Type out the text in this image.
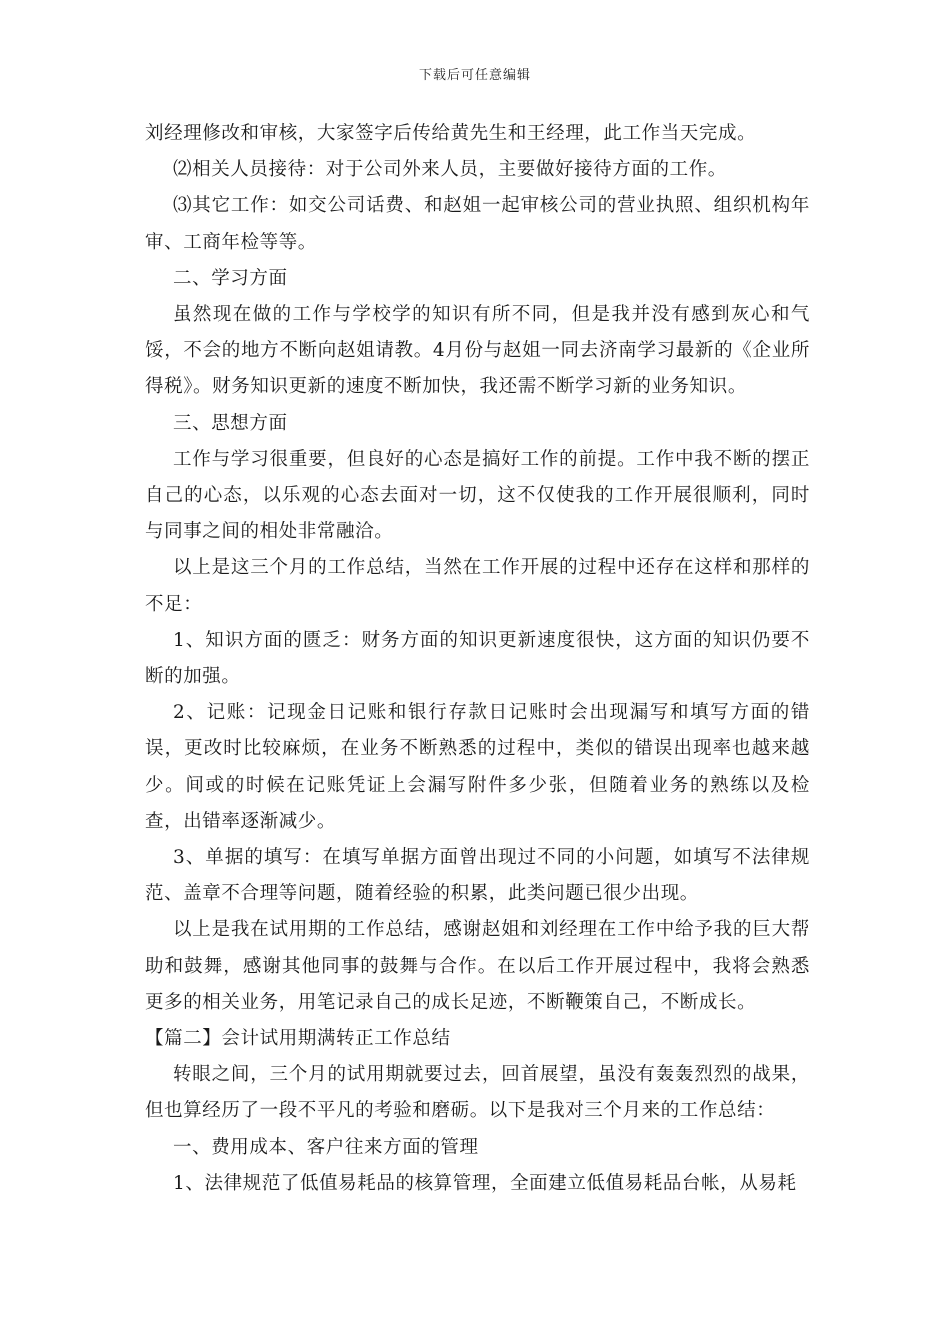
下载后可任意编辑

刘经理修改和审核，大家签字后传给黄先生和王经理，此工作当天完成。

⑵相关人员接待：对于公司外来人员，主要做好接待方面的工作。

⑶其它工作：如交公司话费、和赵姐一起审核公司的营业执照、组织机构年审、工商年检等等。

二、学习方面

虽然现在做的工作与学校学的知识有所不同，但是我并没有感到灰心和气馁，不会的地方不断向赵姐请教。4月份与赵姐一同去济南学习最新的《企业所得税》。财务知识更新的速度不断加快，我还需不断学习新的业务知识。

三、思想方面

工作与学习很重要，但良好的心态是搞好工作的前提。工作中我不断的摆正自己的心态，以乐观的心态去面对一切，这不仅使我的工作开展很顺利，同时与同事之间的相处非常融洽。

以上是这三个月的工作总结，当然在工作开展的过程中还存在这样和那样的不足：

1、知识方面的匮乏：财务方面的知识更新速度很快，这方面的知识仍要不断的加强。

2、记账：记现金日记账和银行存款日记账时会出现漏写和填写方面的错误，更改时比较麻烦，在业务不断熟悉的过程中，类似的错误出现率也越来越少。间或的时候在记账凭证上会漏写附件多少张，但随着业务的熟练以及检查，出错率逐渐减少。

3、单据的填写：在填写单据方面曾出现过不同的小问题，如填写不法律规范、盖章不合理等问题，随着经验的积累，此类问题已很少出现。

以上是我在试用期的工作总结，感谢赵姐和刘经理在工作中给予我的巨大帮助和鼓舞，感谢其他同事的鼓舞与合作。在以后工作开展过程中，我将会熟悉更多的相关业务，用笔记录自己的成长足迹，不断鞭策自己，不断成长。

【篇二】会计试用期满转正工作总结

转眼之间，三个月的试用期就要过去，回首展望，虽没有轰轰烈烈的战果，但也算经历了一段不平凡的考验和磨砺。以下是我对三个月来的工作总结：

一、费用成本、客户往来方面的管理

1、法律规范了低值易耗品的核算管理，全面建立低值易耗品台帐，从易耗
